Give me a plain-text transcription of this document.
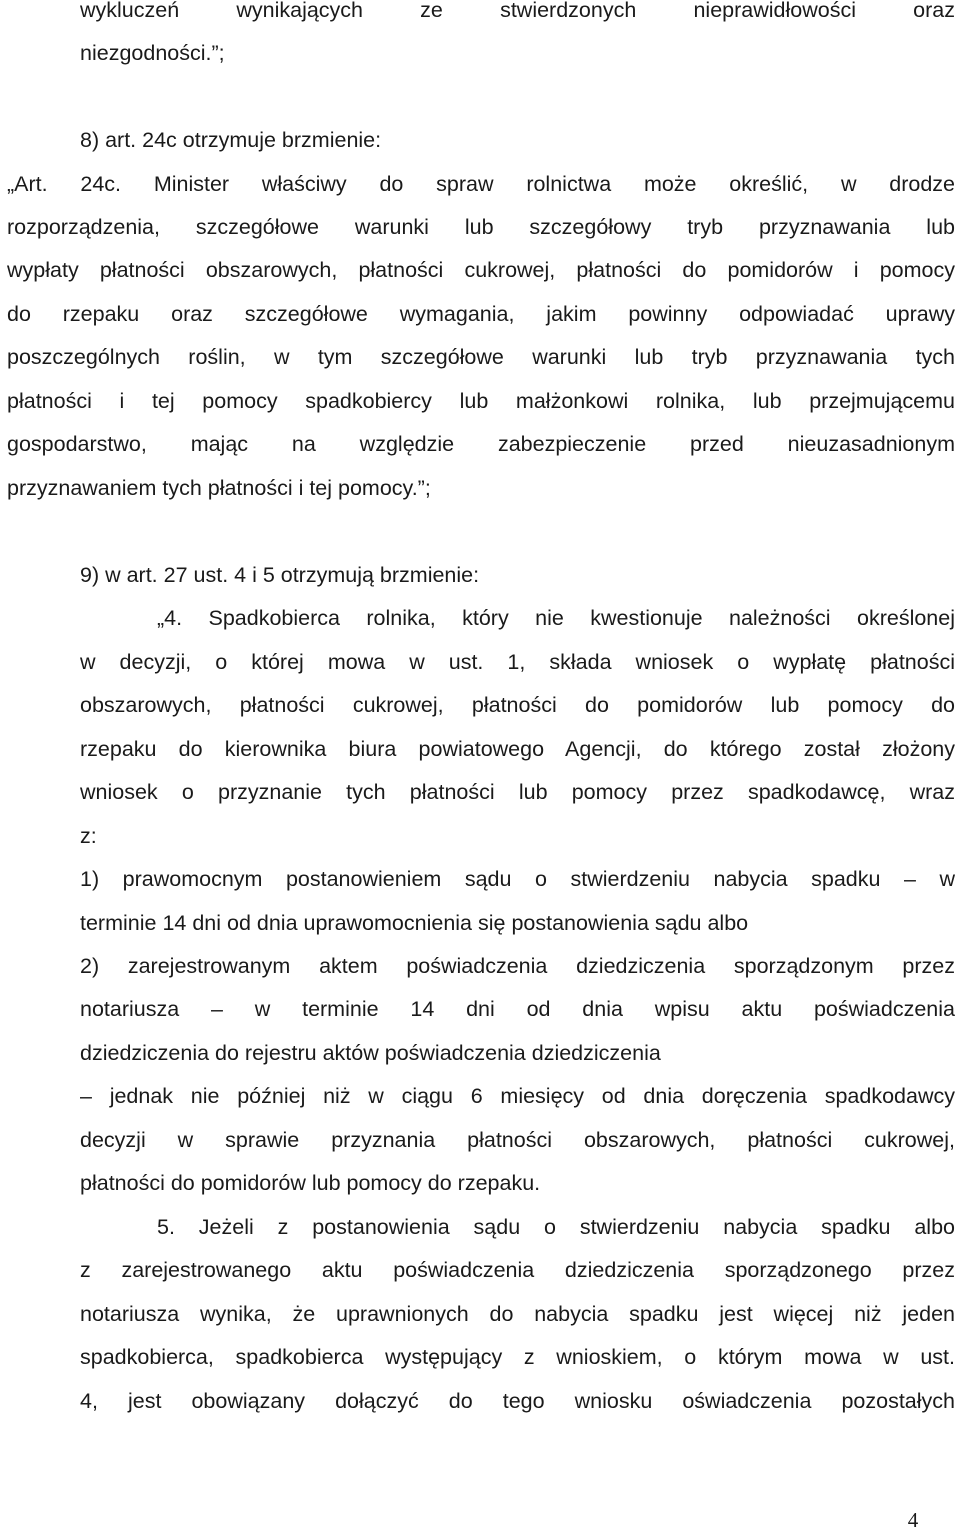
wykluczeń wynikających ze stwierdzonych nieprawidłowości oraz
niezgodności.”;
8) art. 24c otrzymuje brzmienie:
„Art. 24c. Minister właściwy do spraw rolnictwa może określić, w drodze
rozporządzenia, szczegółowe warunki lub szczegółowy tryb przyznawania lub
wypłaty płatności obszarowych, płatności cukrowej, płatności do pomidorów i pomocy
do rzepaku oraz szczegółowe wymagania, jakim powinny odpowiadać uprawy
poszczególnych roślin, w tym szczegółowe warunki lub tryb przyznawania tych
płatności i tej pomocy spadkobiercy lub małżonkowi rolnika, lub przejmującemu
gospodarstwo, mając na względzie zabezpieczenie przed nieuzasadnionym
przyznawaniem tych płatności i tej pomocy.”;
9) w art. 27 ust. 4 i 5 otrzymują brzmienie:
„4. Spadkobierca rolnika, który nie kwestionuje należności określonej
w decyzji, o której mowa w ust. 1, składa wniosek o wypłatę płatności
obszarowych, płatności cukrowej, płatności do pomidorów lub pomocy do
rzepaku do kierownika biura powiatowego Agencji, do którego został złożony
wniosek o przyznanie tych płatności lub pomocy przez spadkodawcę, wraz
z:
1) prawomocnym postanowieniem sądu o stwierdzeniu nabycia spadku – w
terminie 14 dni od dnia uprawomocnienia się postanowienia sądu albo
2) zarejestrowanym aktem poświadczenia dziedziczenia sporządzonym przez
notariusza – w terminie 14 dni od dnia wpisu aktu poświadczenia
dziedziczenia do rejestru aktów poświadczenia dziedziczenia
– jednak nie później niż w ciągu 6 miesięcy od dnia doręczenia spadkodawcy
decyzji w sprawie przyznania płatności obszarowych, płatności cukrowej,
płatności do pomidorów lub pomocy do rzepaku.
5. Jeżeli z postanowienia sądu o stwierdzeniu nabycia spadku albo
z zarejestrowanego aktu poświadczenia dziedziczenia sporządzonego przez
notariusza wynika, że uprawnionych do nabycia spadku jest więcej niż jeden
spadkobierca, spadkobierca występujący z wnioskiem, o którym mowa w ust.
4, jest obowiązany dołączyć do tego wniosku oświadczenia pozostałych
4
